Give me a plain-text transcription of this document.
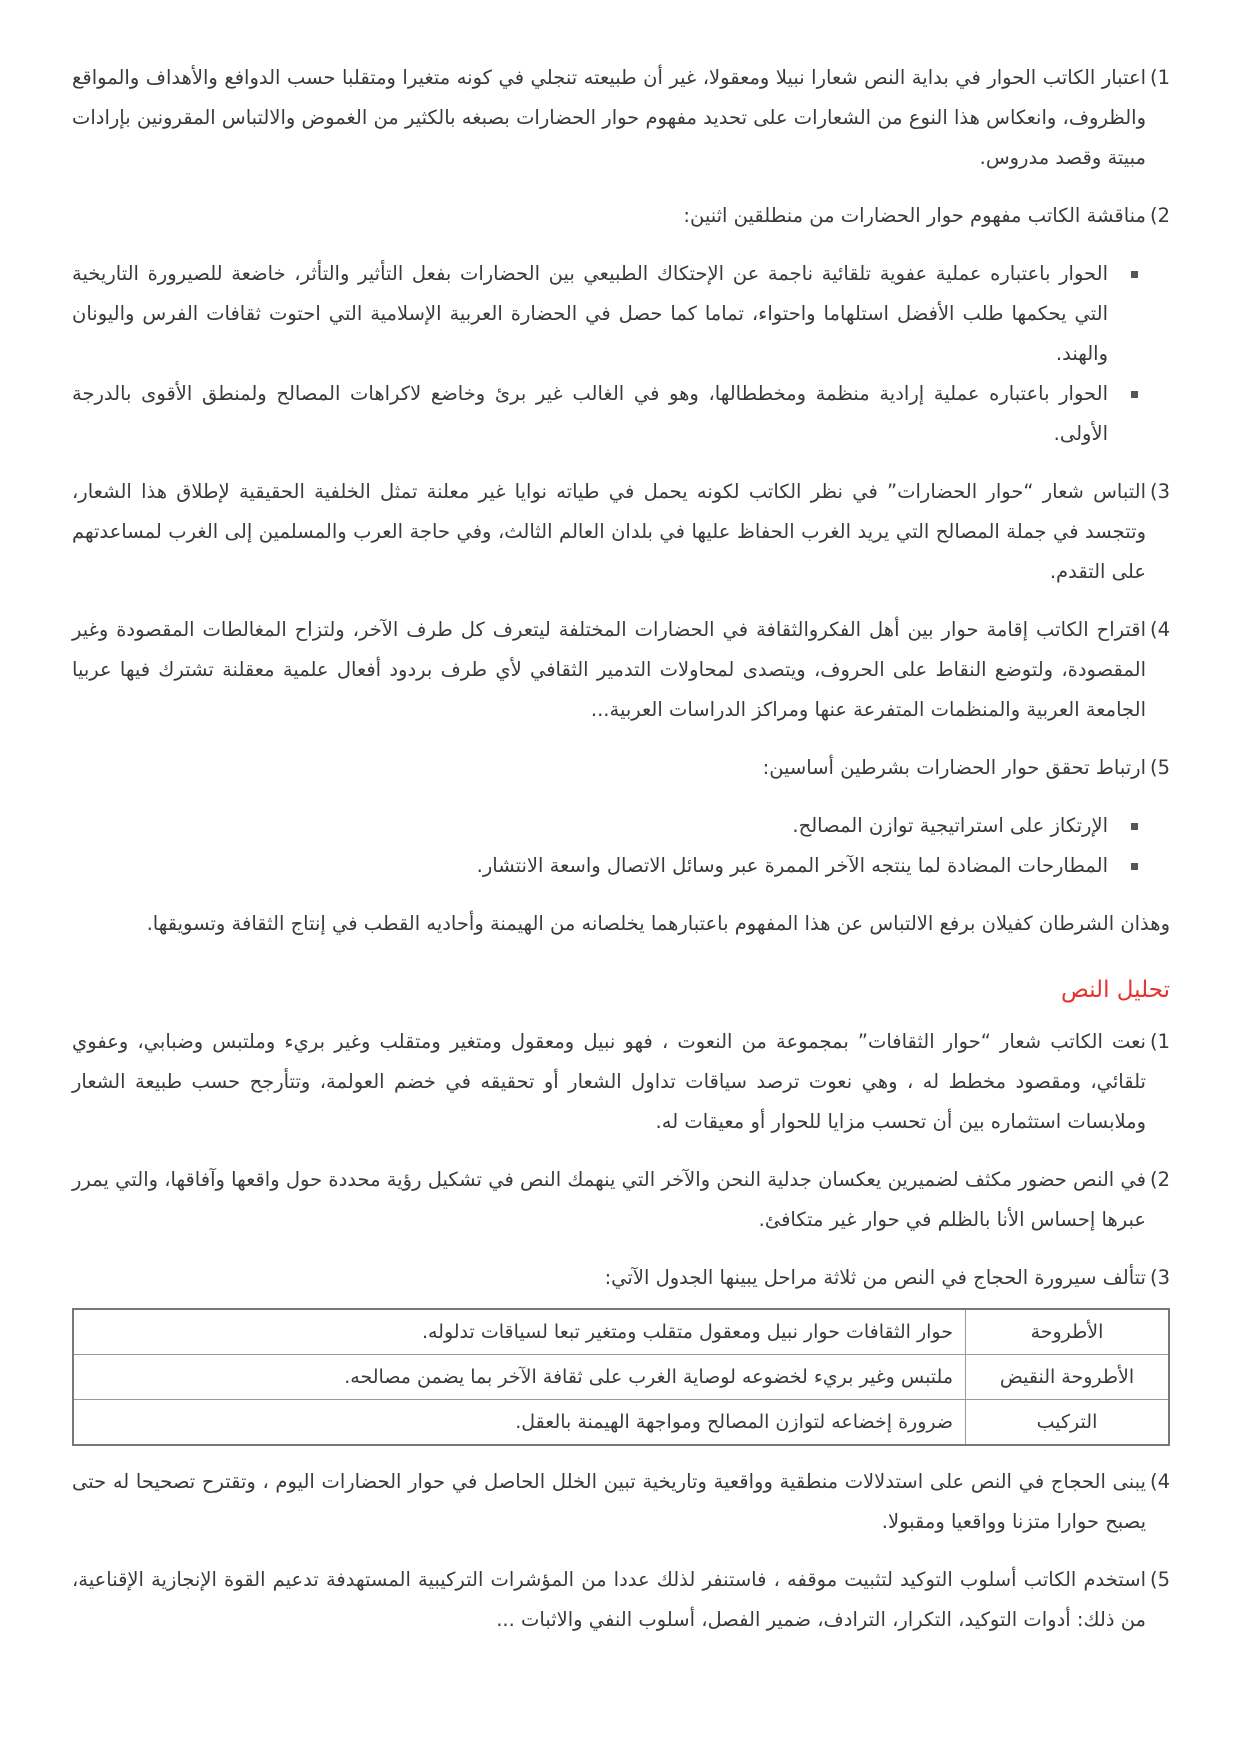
1)
اعتبار الكاتب الحوار في بداية النص شعارا نبيلا ومعقولا، غير أن طبيعته تنجلي في كونه متغيرا ومتقلبا حسب الدوافع والأهداف والمواقع والظروف، وانعكاس هذا النوع من الشعارات على تحديد مفهوم حوار الحضارات بصبغه بالكثير من الغموض والالتباس المقرونين بإرادات مبيتة وقصد مدروس.
2)
مناقشة الكاتب مفهوم حوار الحضارات من منطلقين اثنين:
الحوار باعتباره عملية عفوية تلقائية ناجمة عن الإحتكاك الطبيعي بين الحضارات بفعل التأثير والتأثر، خاضعة للصيرورة التاريخية التي يحكمها طلب الأفضل استلهاما واحتواء، تماما كما حصل في الحضارة العربية الإسلامية التي احتوت ثقافات الفرس واليونان والهند.
الحوار باعتباره عملية إرادية منظمة ومخططالها، وهو في الغالب غير برئ وخاضع لاكراهات المصالح ولمنطق الأقوى بالدرجة الأولى.
3)
التباس شعار “حوار الحضارات” في نظر الكاتب لكونه يحمل في طياته نوايا غير معلنة تمثل الخلفية الحقيقية لإطلاق هذا الشعار، وتتجسد في جملة المصالح التي يريد الغرب الحفاظ عليها في بلدان العالم الثالث، وفي حاجة العرب والمسلمين إلى الغرب لمساعدتهم على التقدم.
4)
اقتراح الكاتب إقامة حوار بين أهل الفكروالثقافة في الحضارات المختلفة ليتعرف كل طرف الآخر، ولتزاح المغالطات المقصودة وغير المقصودة، ولتوضع النقاط على الحروف، ويتصدى لمحاولات التدمير الثقافي لأي طرف بردود أفعال علمية معقلنة تشترك فيها عربيا الجامعة العربية والمنظمات المتفرعة عنها ومراكز الدراسات العربية...
5)
ارتباط تحقق حوار الحضارات بشرطين أساسين:
الإرتكاز على استراتيجية توازن المصالح.
المطارحات المضادة لما ينتجه الآخر الممرة عبر وسائل الاتصال واسعة الانتشار.
وهذان الشرطان كفيلان برفع الالتباس عن هذا المفهوم باعتبارهما يخلصانه من الهيمنة وأحاديه القطب في إنتاج الثقافة وتسويقها.
تحليل النص
1)
نعت الكاتب شعار “حوار الثقافات” بمجموعة من النعوت ، فهو نبيل ومعقول ومتغير ومتقلب وغير بريء وملتبس وضبابي، وعفوي تلقائي، ومقصود مخطط له ، وهي نعوت ترصد سياقات تداول الشعار أو تحقيقه في خضم العولمة، وتتأرجح حسب طبيعة الشعار وملابسات استثماره بين أن تحسب مزايا للحوار أو معيقات له.
2)
في النص حضور مكثف لضميرين يعكسان جدلية النحن والآخر التي ينهمك النص في تشكيل رؤية محددة حول واقعها وآفاقها، والتي يمرر عبرها إحساس الأنا بالظلم في حوار غير متكافئ.
3)
تتألف سيرورة الحجاج في النص من ثلاثة مراحل يبينها الجدول الآتي:
الأطروحة	حوار الثقافات حوار نبيل ومعقول متقلب ومتغير تبعا لسياقات تدلوله.
الأطروحة النقيض	ملتبس وغير بريء لخضوعه لوصاية الغرب على ثقافة الآخر بما يضمن مصالحه.
التركيب	ضرورة إخضاعه لتوازن المصالح ومواجهة الهيمنة بالعقل.
4)
يبنى الحجاج في النص على استدلالات منطقية وواقعية وتاريخية تبين الخلل الحاصل في حوار الحضارات اليوم ، وتقترح تصحيحا له حتى يصبح حوارا متزنا وواقعيا ومقبولا.
5)
استخدم الكاتب أسلوب التوكيد لتثبيت موقفه ، فاستنفر لذلك عددا من المؤشرات التركيبية المستهدفة تدعيم القوة الإنجازية الإقناعية، من ذلك: أدوات التوكيد، التكرار، الترادف، ضمير الفصل، أسلوب النفي والاثبات ...
